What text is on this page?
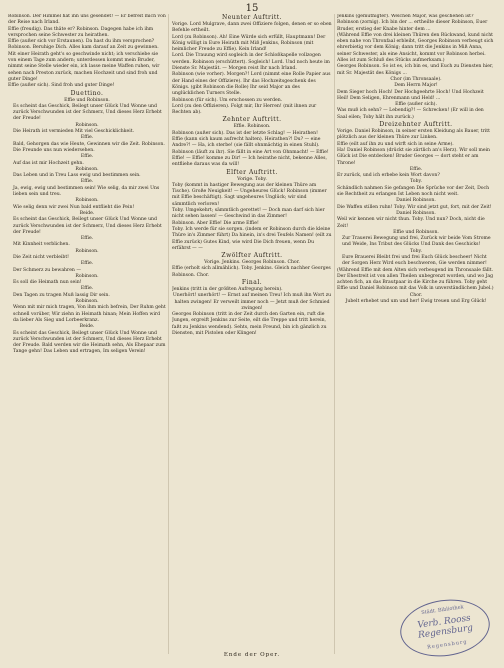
15

Robinson. Der Himmel hat ihn uns gesendet! — Er befreit mich von der Reise nach Irland.

Effie (freudig). Das thäte er? Robinson. Dagegen habe ich ihm versprochen seine Schwester zu heirathen.

Effie (außer sich vor Erstaunen). Da hast du ihm versprochen?

Robinson. Beruhige Dich. Alles kam darauf an Zeit zu gewinnen. Mit einer Heirath geht's so geschwinde nicht; ich verschiebe sie von einem Tage zum andern; unterdessen kommt mein Bruder, nimmt seine Stelle wieder ein, ich lasse meine Waffen ruhen, wir sehen nach Preston zurück, machen Hochzeit und sind froh und guter Dinge!

Effie (außer sich). Sind froh und guter Dinge!

Duettino.

Effie und Robinson.

Es scheint das Geschick, Beilegt unser Glück Und Wonne und zurück Verschwunden ist der Schmerz, Und dieses Herz Erhebt der Freude!

Robinson.

Die Heirath ist vermieden Mit viel Geschicklichkeit.

Effie.

Bald, Gehorgen das wie Heute, Gewinnen wir die Zeit. Robinson. Die Freunde uns nun wiedersehen.

Effie.

Auf das ist mir Hochzeit gehn.

Robinson.

Das Leben und in Treu Lass ewig und bestimmen sein.

Effie.

Ja, ewig, ewig und bestimmen sein! Wie selig, da mir zwei Uns lieben sein und treu.

Robinson.

Wie selig denn wir zwei Nun bald entflieht die Pein!

Beide.

Es scheint das Geschick, Beilegt unser Glück Und Wonne und zurück Verschwunden ist der Schmerz, Und dieses Herz Erhebt der Freude!

Effie.

Mit Kinnheit verblichen.

Robinson.

Die Zeit nicht verbleibt!

Effie.

Der Schmerz zu bewahren —

Robinson.

Es soll die Heimath nun sein!

Effie.

Den Tagen zu tragen Muß lassig Dir sein.

Robinson.

Wenn mit mir mich tragen, Von ihm mich befrein, Der Ruhm geht schnell vorüber, Wir ziehn in Heimath hinan; Mein Hoffen wird da lieber Als Sieg und Lorbeerkranz.

Beide.

Es scheint das Geschick, Beilegt unser Glück Und Wonne und zurück Verschwunden ist der Schmerz, Und dieses Herz Erhebt der Freude. Bald werden wir die Heimath sehn, Als Ehepaar zum Tange gehn! Das Leben und ertragen, Im seligen Verein!

Neunter Auftritt.

Vorige. Lord Mulgrave, dann zwei Offiziere folgen, denen er so eben Befehle ertheilt.

Lord (zu Robinson). Ah! Eine Würde sich erfüllt, Hauptmann! Der König willigt in Eure Heirath mit Miß Jenkins, Robinson (mit heimlicher Freude zu Effie). Kein Irland!

Lord. Die Trauung wird sogleich in der Schloßkapelle vollzogen werden. Robinson (erschüttert). Sogleich! Lord. Und noch heute im Dienste Sr. Majestät. — Morgen reist Ihr nach Irland.

Robinson (wie vorher). Morgen?! Lord (nimmt eine Rolle Papier aus der Hand eines der Offiziere). Ihr das Hochzeitsgeschenk des Königs. (gibt Robinson die Rolle) Ihr seid Major an des unglücklichen Turners Stelle.

Robinson (für sich). Um erschossen zu werden.

Lord (zu den Offizieren). Folgt mir, Ihr Herren! (mit ihnen zur Rechten ab).

Zehnter Auftritt.

Effie. Robinson.

Robinson (außer sich). Das ist der letzte Schlag! — Heirathen!

Effie (kann sich kaum aufrecht halten). Heirathen?! Du? — eine Andre?! — Ha, ich sterbe! (sie fällt ohnmächtig in einen Stuhl).

Robinson (läuft zu ihr). Sie fällt in eine Art von Ohnmacht! — Effie! Effie! — Effie! komme zu Dir! — Ich heirathe nicht, bekenne Alles, entfliehe daraus was da will!

Elfter Auftritt.

Vorige. Toby.

Toby (kommt in hastiger Bewegung aus der kleinen Thüre am Tische). Große Neuigkeit! — Ungeheures Glück! Robinson (immer mit Effie beschäftigt). Sagt ungeheures Unglück; wir sind sämmtlich verloren!

Toby. Umgekehrt; sämmtlich gerettet! — Doch man darf sich hier nicht sehen lassen! — Geschwind in das Zimmer!

Robinson. Aber Effie! Die arme Effie!

Toby. Ich werde für sie sorgen. (indem er Robinson durch die kleine Thüre in's Zimmer führt) Da hinein, in's drei Teufels Namen! (eilt zu Effie zurück) Gutes Kind, wie wird Die Dich freuen, wenn Du erfährst — —

Zwölfter Auftritt.

Vorige. Jenkins. Georges Robinson. Chor.

Effie (erholt sich allmählich). Toby. Jenkins. Gleich nachher Georges Robinson. Chor.

Final.

Jenkins (tritt in der größten Aufregung herein).

Unerhört! unerhört! — Ernst auf meinen Treu! Ich muß ihn Wort zu halten zwingen! Er verweilt immer noch — Jetzt muß der Schmied zwingen!

Georges Robinson (tritt in der Zeit durch den Garten ein, ruft die Jungen, ergreift Jenkins zur Seite, eilt die Treppe und tritt herein, faßt zu Jenkins wendend). Sehts, mein Freund, bin ich gänzlich zu Diensten, mit Pistolen oder Klingen!

Jenkins (gemüthigter). Welchen Major, was geschehen ist? Robinson (zornig). Ich bin der ... ertheilte dieser Robinson, Euer Bruder, erstieg der Knabe hinter dem ...

(Während Effie von drei kleinen Thüren den Rückwand, kund nicht eben nahe von Thronfaal erbleibt, Georges Robinson verbeugt sich ehrerbietig vor dem König; dann tritt die Jenkins in Miß Anna, seiner Schwester, als eine Ansicht, kommt vor Robinson herbei. Alles ist zum Schluß des Stücks aufmerksam.)

Georges Robinson. So ist es, ich bin es, und Euch zu Diensten hier, mit Sr. Majestät des Königs ...

Chor (im Thronsaale).

Dem Herrn Major!

Dem Sieger hoch Hoch! Der Hochgeehrte Hoch! Und Hochzeit Heil! Dem Seligen, Ehrenmann und Held! ...

Effie (außer sich).

Was muß ich sehn? — Lebendig?! — Schrecken! (Er will in den Saal eilen; Toby hält ihn zurück.)

Dreizehnter Auftritt.

Vorige. Daniel Robinson, in seiner ersten Kleidung als Bauer, tritt plötzlich aus der kleinen Thüre zur Linken.

Effie (eilt auf ihn zu und wirft sich in seine Arme).

Ha! Daniel Robinson (drückt sie zärtlich an's Herz). Wir soll mein Glück ist Die entdecken! Bruder Georges — dort steht er am Throne!

Effie.

Er zurück, und ich erbebe kein Wort davon?

Toby.

Schändlich nahmen Sie gefangen Die Sprüche vor der Zeit, Doch sie Rechtheit zu erlangen Ist Leben noch nicht weit.

Daniel Robinson.

Die Waffen stillen ruhn! Toby. Wir sind jetzt gut, fort, mit der Zeit!

Daniel Robinson.

Weil wir kennen wir nicht thun. Toby. Und nun? Doch, nicht die Zeit!

Effie und Robinson.

Zur Trauerei Bewegung und frei, Zurück wir beide Vom Strome und Weide, Ins Tribut des Glücks Und Dank des Geschicks!

Toby.

Eure Brauerei Bleibt frei und frei Euch Glück bescheer! Nicht der Sorgen Herz Wird euch beschweren, Gie werden nimmer!

(Während Effie mit dem Alten sich verbeugend im Thronsaale fällt. Der Ehestreit ist von allen Theilen unbegrenzt worden, und wo Jag achten fich, an das Brautpaar in die Kirche zu führen. Toby geht Effie und Daniel Robinson mit das Volk in unverständlichem Jubel.)

Chor.

Jubelt erhebet und um und her! Ewig treuen und Erg Glück!

Ende der Oper.
Städt. Bibliothek
Verb. Rooss Regensburg
Regensburg
